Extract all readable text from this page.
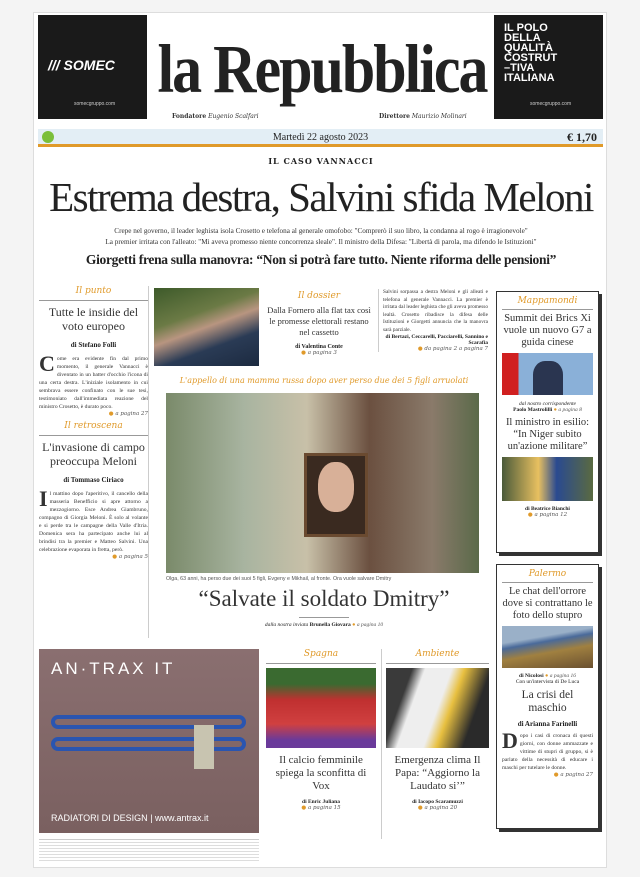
/// SOMEC
somecgruppo.com
IL POLO
DELLA
QUALITÀ
COSTRUT
–TIVA
ITALIANA
somecgruppo.com
la Repubblica
Fondatore Eugenio Scalfari	Direttore Maurizio Molinari
Martedì 22 agosto 2023	€ 1,70
IL CASO VANNACCI
Estrema destra, Salvini sfida Meloni
Crepe nel governo, il leader leghista isola Crosetto e telefona al generale omofobo: "Comprerò il suo libro, la condanna al rogo è irragionevole"
La premier irritata con l'alleato: "Mi aveva promesso niente concorrenza sleale". Il ministro della Difesa: "Libertà di parola, ma difendo le Istituzioni"
Giorgetti frena sulla manovra: “Non si potrà fare tutto. Niente riforma delle pensioni”
Il punto
Tutte le insidie del voto europeo
di Stefano Folli
Come era evidente fin dal primo momento, il generale Vannacci è diventato in un batter d'occhio l'icona di una certa destra. L'iniziale isolamento in cui sembrava essere confinato con le sue tesi, testimoniato dall'immediata reazione del ministro Crosetto, è durato poco.
● a pagina 27
Il retroscena
L'invasione di campo preoccupa Meloni
di Tommaso Ciriaco
Il mattino dopo l'aperitivo, il cancello della masseria Benefficio si apre attorno a mezzogiorno. Esce Andrea Giambruno, compagno di Giorgia Meloni. È solo al volante e si perde tra le campagne della Valle d'Itria. Domenica sera ha partecipato anche lui al brindisi tra la premier e Matteo Salvini. Una celebrazione evaporata in fretta, però.
● a pagina 5
Il dossier
Dalla Fornero alla flat tax così le promesse elettorali restano nel cassetto
di Valentina Conte
● a pagina 3
Salvini sorpassa a destra Meloni e gli alleati e telefona al generale Vannacci. La premier è irritata dal leader leghista che gli aveva promesso lealtà. Crosetto ribadisce la difesa delle Istituzioni e Giorgetti annuncia che la manovra sarà parziale.
di Bertazi, Ceccarelli, Pacciarelli, Sannino e Scarafia
● da pagina 2 a pagina 7
L'appello di una mamma russa dopo aver perso due dei 5 figli arruolati
Olga, 63 anni, ha perso due dei suoi 5 figli, Evgeny e Mikhail, al fronte. Ora vuole salvare Dmitry
“Salvate il soldato Dmitry”
dalla nostra inviata Brunella Giovara ● a pagina 10
Mappamondi
Summit dei Brics Xi vuole un nuovo G7 a guida cinese
dal nostro corrispondente
Paolo Mastrolilli ● a pagina 8
Il ministro in esilio: “In Niger subito un'azione militare”
di Beatrice Bianchi
● a pagina 12
Palermo
Le chat dell'orrore dove si contrattano le foto dello stupro
di Nicolosi ● a pagina 16
Con un'intervista di De Luca
La crisi del maschio
di Arianna Farinelli
Dopo i casi di cronaca di questi giorni, con donne ammazzate e vittime di stupri di gruppo, si è parlato della necessità di educare i maschi per tutelare le donne.
● a pagina 27
AN·TRAX IT
RADIATORI DI DESIGN | www.antrax.it
Spagna
Il calcio femminile spiega la sconfitta di Vox
di Enric Juliana
● a pagina 15
Ambiente
Emergenza clima Il Papa: “Aggiorno la Laudato si’”
di Iacopo Scaramuzzi
● a pagina 20
